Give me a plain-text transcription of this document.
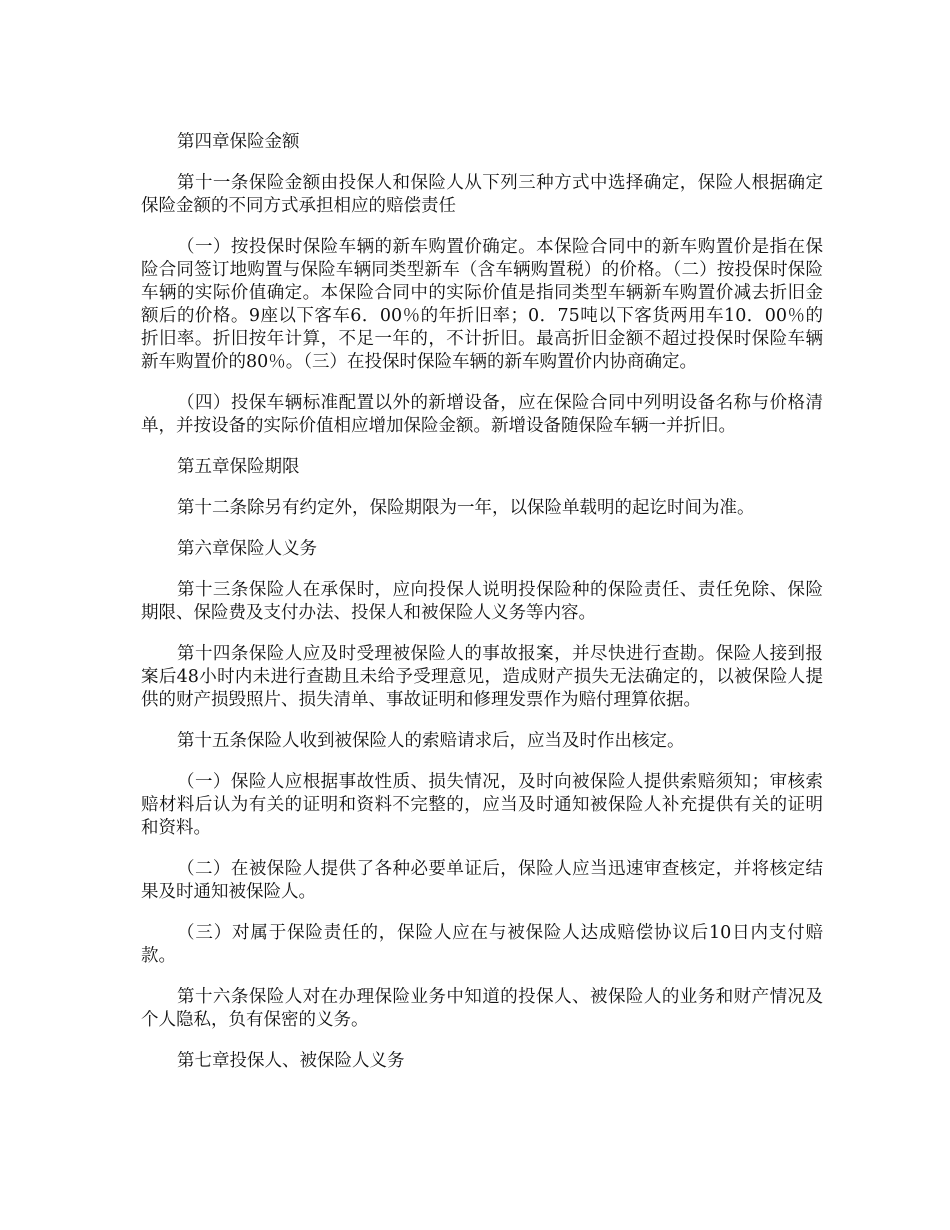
第四章保险金额

第十一条保险金额由投保人和保险人从下列三种方式中选择确定，保险人根据确定保险金额的不同方式承担相应的赔偿责任

（一）按投保时保险车辆的新车购置价确定。本保险合同中的新车购置价是指在保险合同签订地购置与保险车辆同类型新车（含车辆购置税）的价格。（二）按投保时保险车辆的实际价值确定。本保险合同中的实际价值是指同类型车辆新车购置价减去折旧金额后的价格。9座以下客车6．00％的年折旧率；0．75吨以下客货两用车10．00％的折旧率。折旧按年计算，不足一年的，不计折旧。最高折旧金额不超过投保时保险车辆新车购置价的80％。（三）在投保时保险车辆的新车购置价内协商确定。

（四）投保车辆标准配置以外的新增设备，应在保险合同中列明设备名称与价格清单，并按设备的实际价值相应增加保险金额。新增设备随保险车辆一并折旧。

第五章保险期限

第十二条除另有约定外，保险期限为一年，以保险单载明的起讫时间为准。

第六章保险人义务

第十三条保险人在承保时，应向投保人说明投保险种的保险责任、责任免除、保险期限、保险费及支付办法、投保人和被保险人义务等内容。

第十四条保险人应及时受理被保险人的事故报案，并尽快进行查勘。保险人接到报案后48小时内未进行查勘且未给予受理意见，造成财产损失无法确定的，以被保险人提供的财产损毁照片、损失清单、事故证明和修理发票作为赔付理算依据。

第十五条保险人收到被保险人的索赔请求后，应当及时作出核定。

（一）保险人应根据事故性质、损失情况，及时向被保险人提供索赔须知；审核索赔材料后认为有关的证明和资料不完整的，应当及时通知被保险人补充提供有关的证明和资料。

（二）在被保险人提供了各种必要单证后，保险人应当迅速审查核定，并将核定结果及时通知被保险人。

（三）对属于保险责任的，保险人应在与被保险人达成赔偿协议后10日内支付赔款。

第十六条保险人对在办理保险业务中知道的投保人、被保险人的业务和财产情况及个人隐私，负有保密的义务。

第七章投保人、被保险人义务
